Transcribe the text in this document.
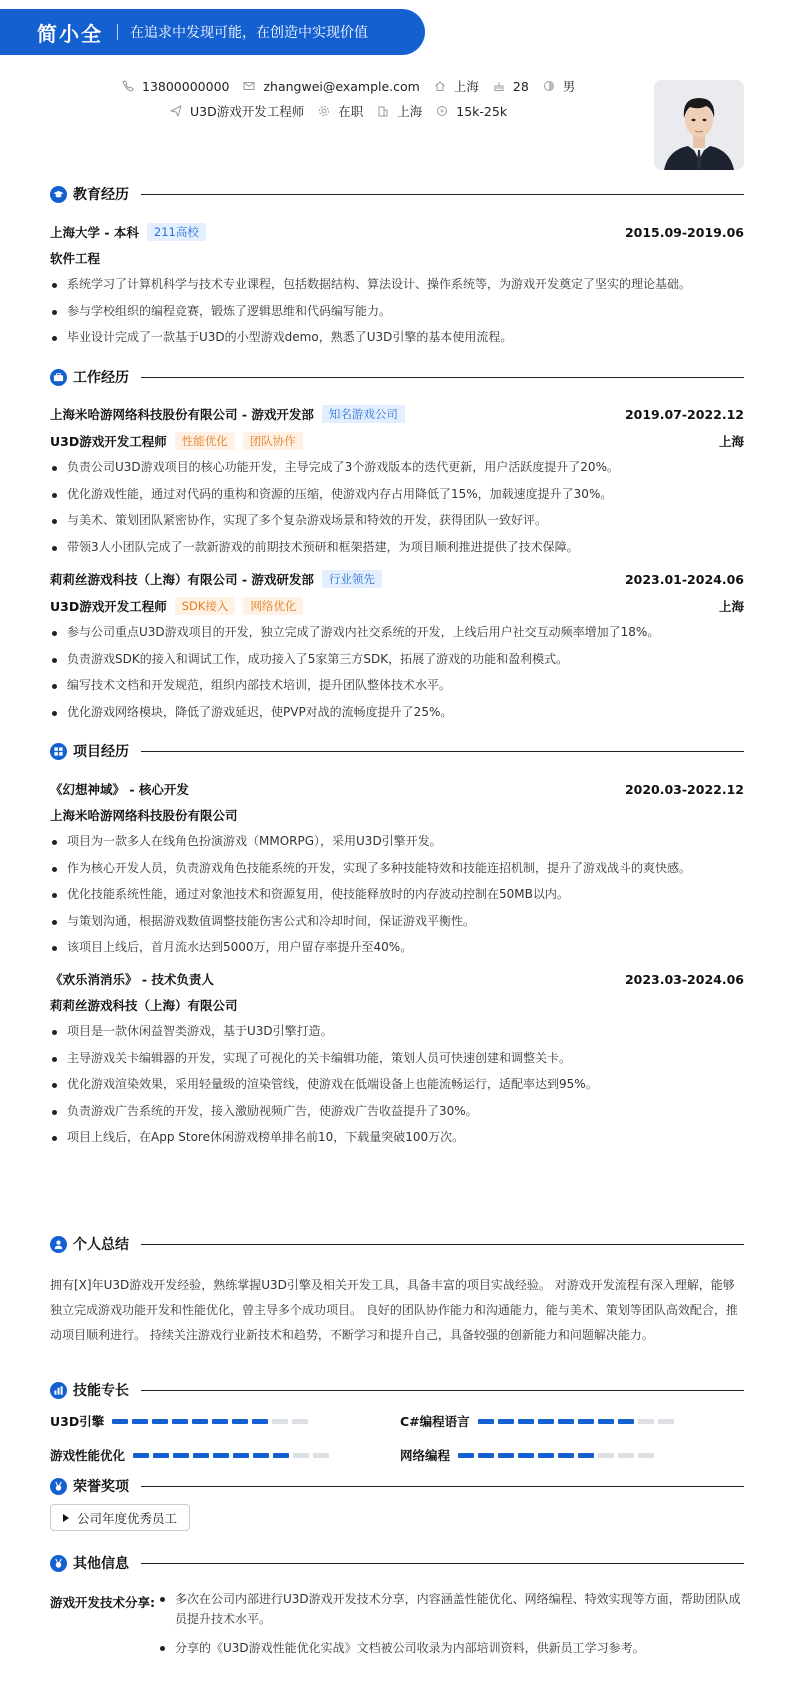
简小全 在追求中发现可能，在创造中实现价值
13800000000	zhangwei@example.com	上海	28	男
U3D游戏开发工程师	在职	上海	15k-25k
教育经历
上海大学 - 本科	211高校	2015.09-2019.06
软件工程
系统学习了计算机科学与技术专业课程，包括数据结构、算法设计、操作系统等，为游戏开发奠定了坚实的理论基础。
参与学校组织的编程竞赛，锻炼了逻辑思维和代码编写能力。
毕业设计完成了一款基于U3D的小型游戏demo，熟悉了U3D引擎的基本使用流程。
工作经历
上海米哈游网络科技股份有限公司 - 游戏开发部	知名游戏公司	2019.07-2022.12
U3D游戏开发工程师	性能优化	团队协作	上海
负责公司U3D游戏项目的核心功能开发，主导完成了3个游戏版本的迭代更新，用户活跃度提升了20%。
优化游戏性能，通过对代码的重构和资源的压缩，使游戏内存占用降低了15%，加载速度提升了30%。
与美术、策划团队紧密协作，实现了多个复杂游戏场景和特效的开发，获得团队一致好评。
带领3人小团队完成了一款新游戏的前期技术预研和框架搭建，为项目顺利推进提供了技术保障。
莉莉丝游戏科技（上海）有限公司 - 游戏研发部	行业领先	2023.01-2024.06
U3D游戏开发工程师	SDK接入	网络优化	上海
参与公司重点U3D游戏项目的开发，独立完成了游戏内社交系统的开发，上线后用户社交互动频率增加了18%。
负责游戏SDK的接入和调试工作，成功接入了5家第三方SDK，拓展了游戏的功能和盈利模式。
编写技术文档和开发规范，组织内部技术培训，提升团队整体技术水平。
优化游戏网络模块，降低了游戏延迟，使PVP对战的流畅度提升了25%。
项目经历
《幻想神域》 - 核心开发	2020.03-2022.12
上海米哈游网络科技股份有限公司
项目为一款多人在线角色扮演游戏（MMORPG），采用U3D引擎开发。
作为核心开发人员，负责游戏角色技能系统的开发，实现了多种技能特效和技能连招机制，提升了游戏战斗的爽快感。
优化技能系统性能，通过对象池技术和资源复用，使技能释放时的内存波动控制在50MB以内。
与策划沟通，根据游戏数值调整技能伤害公式和冷却时间，保证游戏平衡性。
该项目上线后，首月流水达到5000万，用户留存率提升至40%。
《欢乐消消乐》 - 技术负责人	2023.03-2024.06
莉莉丝游戏科技（上海）有限公司
项目是一款休闲益智类游戏，基于U3D引擎打造。
主导游戏关卡编辑器的开发，实现了可视化的关卡编辑功能，策划人员可快速创建和调整关卡。
优化游戏渲染效果，采用轻量级的渲染管线，使游戏在低端设备上也能流畅运行，适配率达到95%。
负责游戏广告系统的开发，接入激励视频广告，使游戏广告收益提升了30%。
项目上线后，在App Store休闲游戏榜单排名前10，下载量突破100万次。
个人总结
拥有[X]年U3D游戏开发经验，熟练掌握U3D引擎及相关开发工具，具备丰富的项目实战经验。 对游戏开发流程有深入理解，能够独立完成游戏功能开发和性能优化，曾主导多个成功项目。 良好的团队协作能力和沟通能力，能与美术、策划等团队高效配合，推动项目顺利进行。 持续关注游戏行业新技术和趋势，不断学习和提升自己，具备较强的创新能力和问题解决能力。
技能专长
U3D引擎	C#编程语言
游戏性能优化	网络编程
荣誉奖项
公司年度优秀员工
其他信息
游戏开发技术分享:	多次在公司内部进行U3D游戏开发技术分享，内容涵盖性能优化、网络编程、特效实现等方面，帮助团队成员提升技术水平。
分享的《U3D游戏性能优化实战》文档被公司收录为内部培训资料，供新员工学习参考。
